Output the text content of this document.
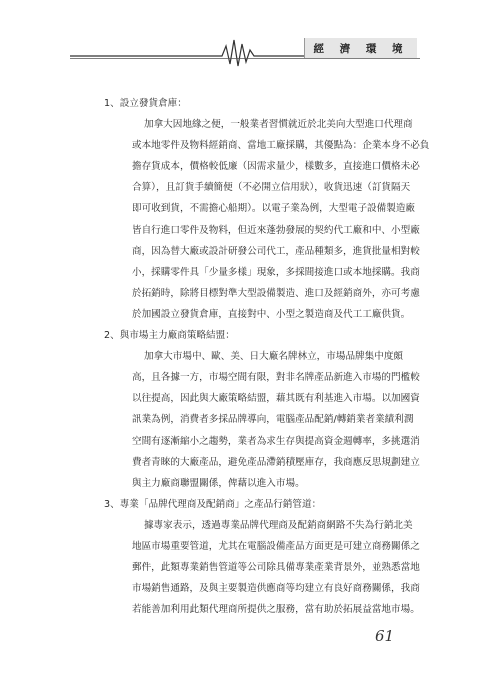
經 濟 環 境
1、設立發貨倉庫：
加拿大因地緣之便，一般業者習慣就近於北美向大型進口代理商
或本地零件及物料經銷商、當地工廠採購，其優點為：企業本身不必負
擔存貨成本，價格較低廉（因需求量少，樣數多，直接進口價格未必
合算），且訂貨手續簡便（不必開立信用狀），收貨迅速（訂貨隔天
即可收到貨，不需擔心船期）。以電子業為例，大型電子設備製造廠
皆自行進口零件及物料，但近來蓬勃發展的契約代工廠和中、小型廠
商，因為替大廠或設計研發公司代工，產品種類多，進貨批量相對較
小，採購零件具「少量多樣」現象，多採間接進口或本地採購。我商
於拓銷時，除將目標對準大型設備製造、進口及經銷商外，亦可考慮
於加國設立發貨倉庫，直接對中、小型之製造商及代工工廠供貨。
2、與市場主力廠商策略結盟：
加拿大市場中、歐、美、日大廠名牌林立，市場品牌集中度頗
高，且各據一方，市場空間有限，對非名牌產品新進入市場的門檻較
以往提高，因此與大廠策略結盟，藉其既有利基進入市場。以加國資
訊業為例，消費者多採品牌導向，電腦產品配銷/轉銷業者業績利潤
空間有逐漸縮小之趨勢，業者為求生存與提高資金週轉率，多挑選消
費者青睞的大廠產品，避免產品滯銷積壓庫存，我商應反思規劃建立
與主力廠商聯盟關係，俾藉以進入市場。
3、專業「品牌代理商及配銷商」之產品行銷管道：
據專家表示，透過專業品牌代理商及配銷商網路不失為行銷北美
地區市場重要管道，尤其在電腦設備產品方面更是可建立商務關係之
郵件，此類專業銷售管道等公司除具備專業產業背景外，並熟悉當地
市場銷售通路，及與主要製造供應商等均建立有良好商務關係，我商
若能善加利用此類代理商所提供之服務，當有助於拓展益當地市場。
61
